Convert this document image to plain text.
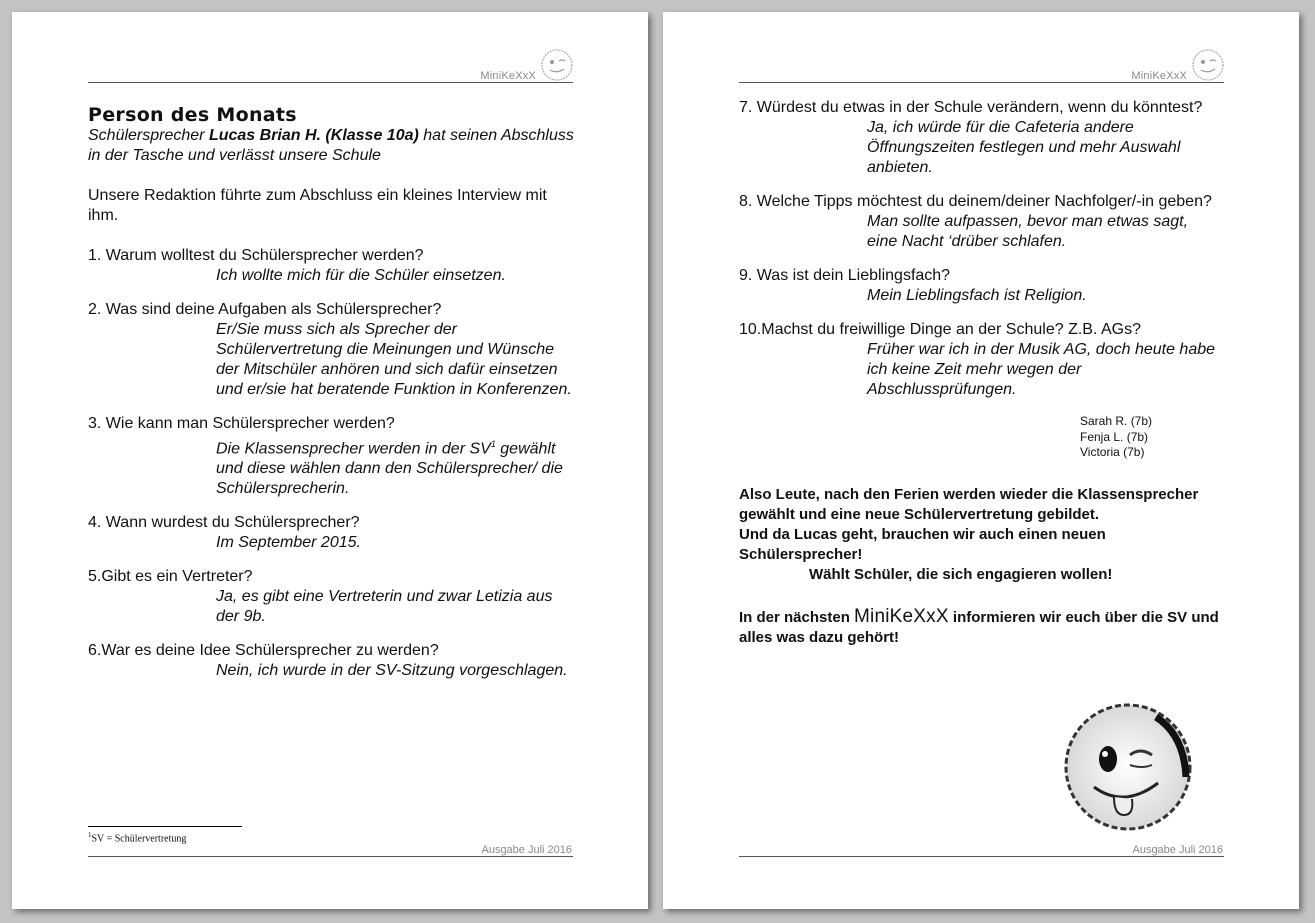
MiniKeXxX
Person des Monats
Schülersprecher Lucas Brian H. (Klasse 10a) hat seinen Abschluss in der Tasche und verlässt unsere Schule
Unsere Redaktion führte zum Abschluss ein kleines Interview mit ihm.
1. Warum wolltest du Schülersprecher werden?
Ich wollte mich für die Schüler einsetzen.
2. Was sind deine Aufgaben als Schülersprecher?
Er/Sie muss sich als Sprecher der Schülervertretung die Meinungen und Wünsche der Mitschüler anhören und sich dafür einsetzen und er/sie hat beratende Funktion in Konferenzen.
3. Wie kann man Schülersprecher werden?
Die Klassensprecher werden in der $SV^1$ gewählt und diese wählen dann den Schülersprecher/ die Schülersprecherin.
4. Wann wurdest du Schülersprecher?
Im September 2015.
5.Gibt es ein Vertreter?
Ja, es gibt eine Vertreterin und zwar Letizia aus der 9b.
6.War es deine Idee Schülersprecher zu werden?
Nein, ich wurde in der SV-Sitzung vorgeschlagen.
$^1$SV = Schülervertretung
Ausgabe Juli 2016
MiniKeXxX
7. Würdest du etwas in der Schule verändern, wenn du könntest?
Ja, ich würde für die Cafeteria andere Öffnungszeiten festlegen und mehr Auswahl anbieten.
8. Welche Tipps möchtest du deinem/deiner Nachfolger/-in geben?
Man sollte aufpassen, bevor man etwas sagt, eine Nacht ‘drüber schlafen.
9. Was ist dein Lieblingsfach?
Mein Lieblingsfach ist Religion.
10.Machst du freiwillige Dinge an der Schule? Z.B. AGs?
Früher war ich in der Musik AG, doch heute habe ich keine Zeit mehr wegen der Abschlussprüfungen.
Sarah R. (7b)
Fenja L. (7b)
Victoria (7b)
Also Leute, nach den Ferien werden wieder die Klassensprecher gewählt und eine neue Schülervertretung gebildet.
Und da Lucas geht, brauchen wir auch einen neuen Schülersprecher!
Wählt Schüler, die sich engagieren wollen!
In der nächsten MiniKeXxX informieren wir euch über die SV und alles was dazu gehört!
Ausgabe Juli 2016
